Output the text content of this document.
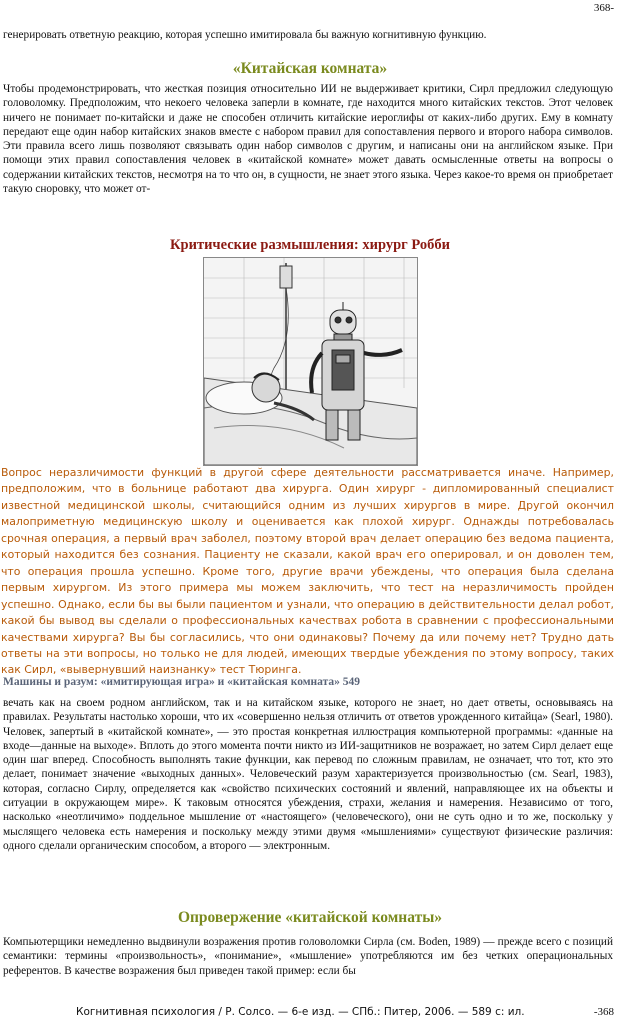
368-

генерировать ответную реакцию, которая успешно имитировала бы важную когнитивную функцию.

«Китайская комната»

Чтобы продемонстрировать, что жесткая позиция относительно ИИ не выдерживает критики, Сирл предложил следующую головоломку. Предположим, что некоего человека заперли в комнате, где находится много китайских текстов. Этот человек ничего не понимает по-китайски и даже не способен отличить китайские иероглифы от каких-либо других. Ему в комнату передают еще один набор китайских знаков вместе с набором правил для сопоставления первого и второго набора символов. Эти правила всего лишь позволяют связывать один набор символов с другим, и написаны они на английском языке. При помощи этих правил сопоставления человек в «китайской комнате» может давать осмысленные ответы на вопросы о содержании китайских текстов, несмотря на то что он, в сущности, не знает этого языка. Через какое-то время он приобретает такую сноровку, что может от-

Критические размышления: хирург Робби

Вопрос неразличимости функций в другой сфере деятельности рассматривается иначе. Например, предположим, что в больнице работают два хирурга. Один хирург - дипломированный специалист известной медицинской школы, считающийся одним из лучших хирургов в мире. Другой окончил малоприметную медицинскую школу и оценивается как плохой хирург. Однажды потребовалась срочная операция, а первый врач заболел, поэтому второй врач делает операцию без ведома пациента, который находится без сознания. Пациенту не сказали, какой врач его оперировал, и он доволен тем, что операция прошла успешно. Кроме того, другие врачи убеждены, что операция была сделана первым хирургом. Из этого примера мы можем заключить, что тест на неразличимость пройден успешно. Однако, если бы вы были пациентом и узнали, что операцию в действительности делал робот, какой бы вывод вы сделали о профессиональных качествах робота в сравнении с профессиональными качествами хирурга? Вы бы согласились, что они одинаковы? Почему да или почему нет? Трудно дать ответы на эти вопросы, но только не для людей, имеющих твердые убеждения по этому вопросу, таких как Сирл, «вывернувший наизнанку» тест Тюринга.

Машины и разум: «имитирующая игра» и «китайская комната» 549

вечать как на своем родном английском, так и на китайском языке, которого не знает, но дает ответы, основываясь на правилах. Результаты настолько хороши, что их «совершенно нельзя отличить от ответов урожденного китайца» (Searl, 1980). Человек, запертый в «китайской комнате», — это простая конкретная иллюстрация компьютерной программы: «данные на входе—данные на выходе». Вплоть до этого момента почти никто из ИИ-защитников не возражает, но затем Сирл делает еще один шаг вперед. Способность выполнять такие функции, как перевод по сложным правилам, не означает, что тот, кто это делает, понимает значение «выходных данных». Человеческий разум характеризуется произвольностью (см. Searl, 1983), которая, согласно Сирлу, определяется как «свойство психических состояний и явлений, направляющее их на объекты и ситуации в окружающем мире». К таковым относятся убеждения, страхи, желания и намерения. Независимо от того, насколько «неотличимо» поддельное мышление от «настоящего» (человеческого), они не суть одно и то же, поскольку у мыслящего человека есть намерения и поскольку между этими двумя «мышлениями» существуют физические различия: одного сделали органическим способом, а второго — электронным.

Опровержение «китайской комнаты»

Компьютерщики немедленно выдвинули возражения против головоломки Сирла (см. Boden, 1989) — прежде всего с позиций семантики: термины «произвольность», «понимание», «мышление» употребляются им без четких операциональных референтов. В качестве возражения был приведен такой пример: если бы

Когнитивная психология / Р. Солсо. — 6-е изд. — СПб.: Питер, 2006. — 589 с: ил.	-368
